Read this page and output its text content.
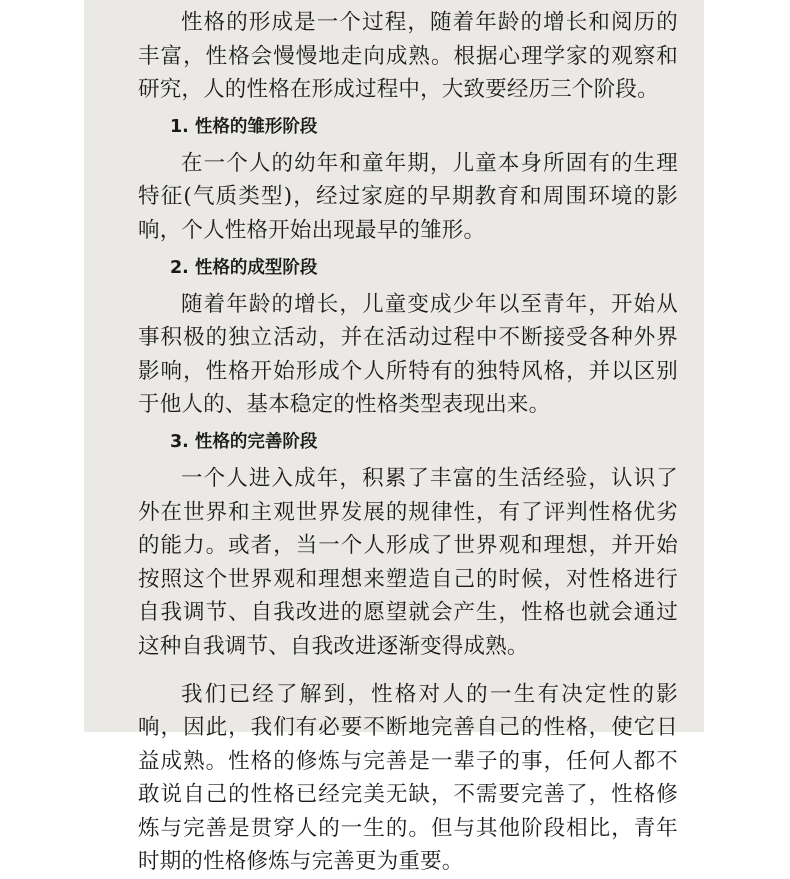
性格的形成是一个过程，随着年龄的增长和阅历的丰富，性格会慢慢地走向成熟。根据心理学家的观察和研究，人的性格在形成过程中，大致要经历三个阶段。

1. 性格的雏形阶段

在一个人的幼年和童年期，儿童本身所固有的生理特征(气质类型)，经过家庭的早期教育和周围环境的影响，个人性格开始出现最早的雏形。

2. 性格的成型阶段

随着年龄的增长，儿童变成少年以至青年，开始从事积极的独立活动，并在活动过程中不断接受各种外界影响，性格开始形成个人所特有的独特风格，并以区别于他人的、基本稳定的性格类型表现出来。

3. 性格的完善阶段

一个人进入成年，积累了丰富的生活经验，认识了外在世界和主观世界发展的规律性，有了评判性格优劣的能力。或者，当一个人形成了世界观和理想，并开始按照这个世界观和理想来塑造自己的时候，对性格进行自我调节、自我改进的愿望就会产生，性格也就会通过这种自我调节、自我改进逐渐变得成熟。

我们已经了解到，性格对人的一生有决定性的影响，因此，我们有必要不断地完善自己的性格，使它日益成熟。性格的修炼与完善是一辈子的事，任何人都不敢说自己的性格已经完美无缺，不需要完善了，性格修炼与完善是贯穿人的一生的。但与其他阶段相比，青年时期的性格修炼与完善更为重要。
